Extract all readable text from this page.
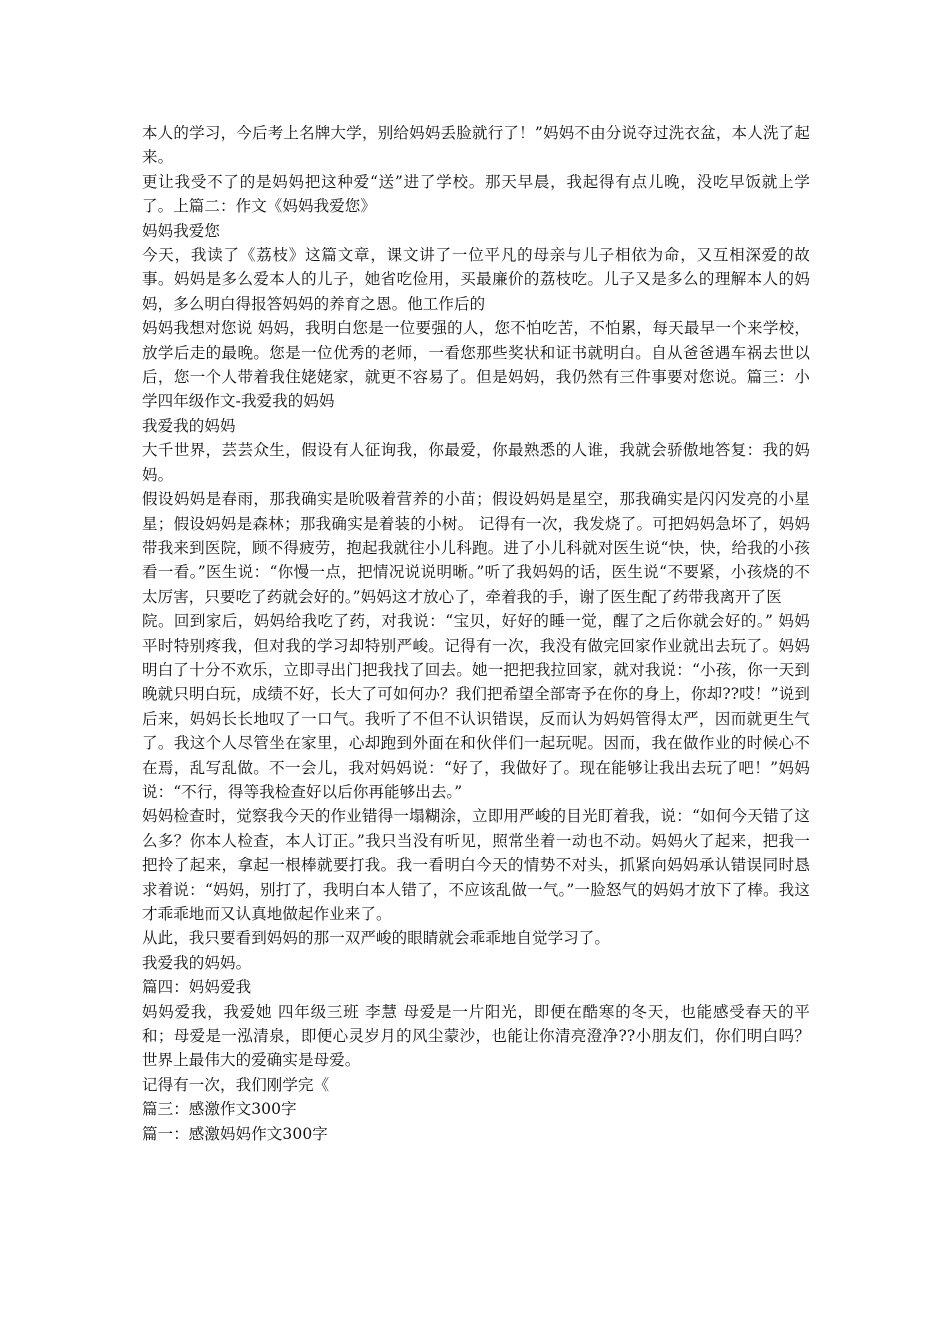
本人的学习，今后考上名牌大学，别给妈妈丢脸就行了！”妈妈不由分说夺过洗衣盆，本人洗了起来。

更让我受不了的是妈妈把这种爱“送”进了学校。那天早晨，我起得有点儿晚，没吃早饭就上学了。上篇二：作文《妈妈我爱您》

妈妈我爱您

今天，我读了《荔枝》这篇文章，课文讲了一位平凡的母亲与儿子相依为命，又互相深爱的故事。妈妈是多么爱本人的儿子，她省吃俭用，买最廉价的荔枝吃。儿子又是多么的理解本人的妈妈，多么明白得报答妈妈的养育之恩。他工作后的

妈妈我想对您说 妈妈，我明白您是一位要强的人，您不怕吃苦，不怕累，每天最早一个来学校，放学后走的最晚。您是一位优秀的老师，一看您那些奖状和证书就明白。自从爸爸遇车祸去世以后，您一个人带着我住姥姥家，就更不容易了。但是妈妈，我仍然有三件事要对您说。篇三：小学四年级作文-我爱我的妈妈

我爱我的妈妈

大千世界，芸芸众生，假设有人征询我，你最爱，你最熟悉的人谁，我就会骄傲地答复：我的妈妈。

假设妈妈是春雨，那我确实是吮吸着营养的小苗；假设妈妈是星空，那我确实是闪闪发亮的小星星；假设妈妈是森林；那我确实是着装的小树。 记得有一次，我发烧了。可把妈妈急坏了，妈妈带我来到医院，顾不得疲劳，抱起我就往小儿科跑。进了小儿科就对医生说“快，快，给我的小孩看一看。”医生说：“你慢一点，把情况说说明晰。”听了我妈妈的话，医生说“不要紧，小孩烧的不太厉害，只要吃了药就会好的。”妈妈这才放心了，牵着我的手，谢了医生配了药带我离开了医

院。回到家后，妈妈给我吃了药，对我说：“宝贝，好好的睡一觉，醒了之后你就会好的。” 妈妈平时特别疼我，但对我的学习却特别严峻。记得有一次，我没有做完回家作业就出去玩了。妈妈明白了十分不欢乐，立即寻出门把我找了回去。她一把把我拉回家，就对我说：“小孩，你一天到晚就只明白玩，成绩不好，长大了可如何办？我们把希望全部寄予在你的身上，你却??哎！”说到后来，妈妈长长地叹了一口气。我听了不但不认识错误，反而认为妈妈管得太严，因而就更生气了。我这个人尽管坐在家里，心却跑到外面在和伙伴们一起玩呢。因而，我在做作业的时候心不在焉，乱写乱做。不一会儿，我对妈妈说：“好了，我做好了。现在能够让我出去玩了吧！”妈妈说：“不行，得等我检查好以后你再能够出去。”

妈妈检查时，觉察我今天的作业错得一塌糊涂，立即用严峻的目光盯着我，说：“如何今天错了这么多？你本人检查，本人订正。”我只当没有听见，照常坐着一动也不动。妈妈火了起来，把我一把拎了起来，拿起一根棒就要打我。我一看明白今天的情势不对头，抓紧向妈妈承认错误同时恳求着说：“妈妈，别打了，我明白本人错了，不应该乱做一气。”一脸怒气的妈妈才放下了棒。我这才乖乖地而又认真地做起作业来了。

从此，我只要看到妈妈的那一双严峻的眼睛就会乖乖地自觉学习了。

我爱我的妈妈。

篇四：妈妈爱我

妈妈爱我，我爱她 四年级三班 李慧 母爱是一片阳光，即便在酷寒的冬天，也能感受春天的平和；母爱是一泓清泉，即便心灵岁月的风尘蒙沙，也能让你清亮澄净??小朋友们，你们明白吗？世界上最伟大的爱确实是母爱。

记得有一次，我们刚学完《

篇三：感激作文300字

篇一：感激妈妈作文300字
